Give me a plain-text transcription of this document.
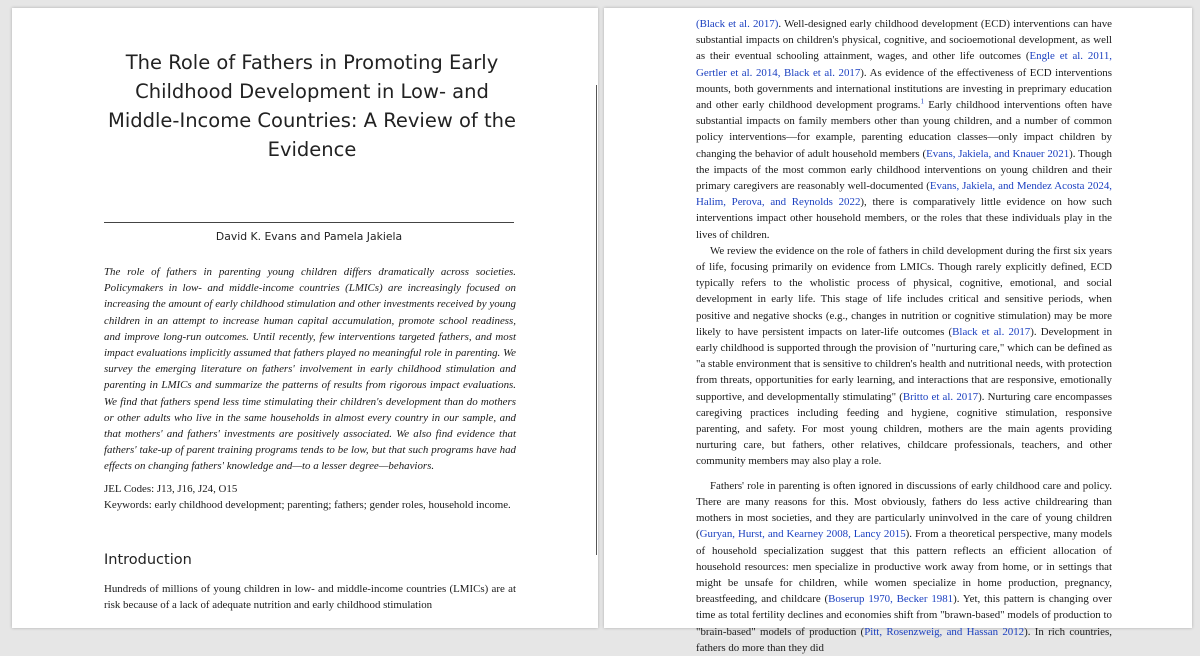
The Role of Fathers in Promoting Early Childhood Development in Low- and Middle-Income Countries: A Review of the Evidence
David K. Evans and Pamela Jakiela
The role of fathers in parenting young children differs dramatically across societies. Policymakers in low- and middle-income countries (LMICs) are increasingly focused on increasing the amount of early childhood stimulation and other investments received by young children in an attempt to increase human capital accumulation, promote school readiness, and improve long-run outcomes. Until recently, few interventions targeted fathers, and most impact evaluations implicitly assumed that fathers played no meaningful role in parenting. We survey the emerging literature on fathers' involvement in early childhood stimulation and parenting in LMICs and summarize the patterns of results from rigorous impact evaluations. We find that fathers spend less time stimulating their children's development than do mothers or other adults who live in the same households in almost every country in our sample, and that mothers' and fathers' investments are positively associated. We also find evidence that fathers' take-up of parent training programs tends to be low, but that such programs have had effects on changing fathers' knowledge and—to a lesser degree—behaviors.
JEL Codes: J13, J16, J24, O15
Keywords: early childhood development; parenting; fathers; gender roles, household income.
Introduction
Hundreds of millions of young children in low- and middle-income countries (LMICs) are at risk because of a lack of adequate nutrition and early childhood stimulation

(Black et al. 2017). Well-designed early childhood development (ECD) interventions can have substantial impacts on children's physical, cognitive, and socioemotional development, as well as their eventual schooling attainment, wages, and other life outcomes (Engle et al. 2011, Gertler et al. 2014, Black et al. 2017). As evidence of the effectiveness of ECD interventions mounts, both governments and international institutions are investing in preprimary education and other early childhood development programs.$^1$ Early childhood interventions often have substantial impacts on family members other than young children, and a number of common policy interventions—for example, parenting education classes—only impact children by changing the behavior of adult household members (Evans, Jakiela, and Knauer 2021). Though the impacts of the most common early childhood interventions on young children and their primary caregivers are reasonably well-documented (Evans, Jakiela, and Mendez Acosta 2024, Halim, Perova, and Reynolds 2022), there is comparatively little evidence on how such interventions impact other household members, or the roles that these individuals play in the lives of children.

We review the evidence on the role of fathers in child development during the first six years of life, focusing primarily on evidence from LMICs. Though rarely explicitly defined, ECD typically refers to the wholistic process of physical, cognitive, emotional, and social development in early life. This stage of life includes critical and sensitive periods, when positive and negative shocks (e.g., changes in nutrition or cognitive stimulation) may be more likely to have persistent impacts on later-life outcomes (Black et al. 2017). Development in early childhood is supported through the provision of "nurturing care," which can be defined as "a stable environment that is sensitive to children's health and nutritional needs, with protection from threats, opportunities for early learning, and interactions that are responsive, emotionally supportive, and developmentally stimulating" (Britto et al. 2017). Nurturing care encompasses caregiving practices including feeding and hygiene, cognitive stimulation, responsive parenting, and safety. For most young children, mothers are the main agents providing nurturing care, but fathers, other relatives, childcare professionals, teachers, and other community members may also play a role.

Fathers' role in parenting is often ignored in discussions of early childhood care and policy. There are many reasons for this. Most obviously, fathers do less active childrearing than mothers in most societies, and they are particularly uninvolved in the care of young children (Guryan, Hurst, and Kearney 2008, Lancy 2015). From a theoretical perspective, many models of household specialization suggest that this pattern reflects an efficient allocation of household resources: men specialize in productive work away from home, or in settings that might be unsafe for children, while women specialize in home production, pregnancy, breastfeeding, and childcare (Boserup 1970, Becker 1981). Yet, this pattern is changing over time as total fertility declines and economies shift from "brawn-based" models of production to "brain-based" models of production (Pitt, Rosenzweig, and Hassan 2012). In rich countries, fathers do more than they did
